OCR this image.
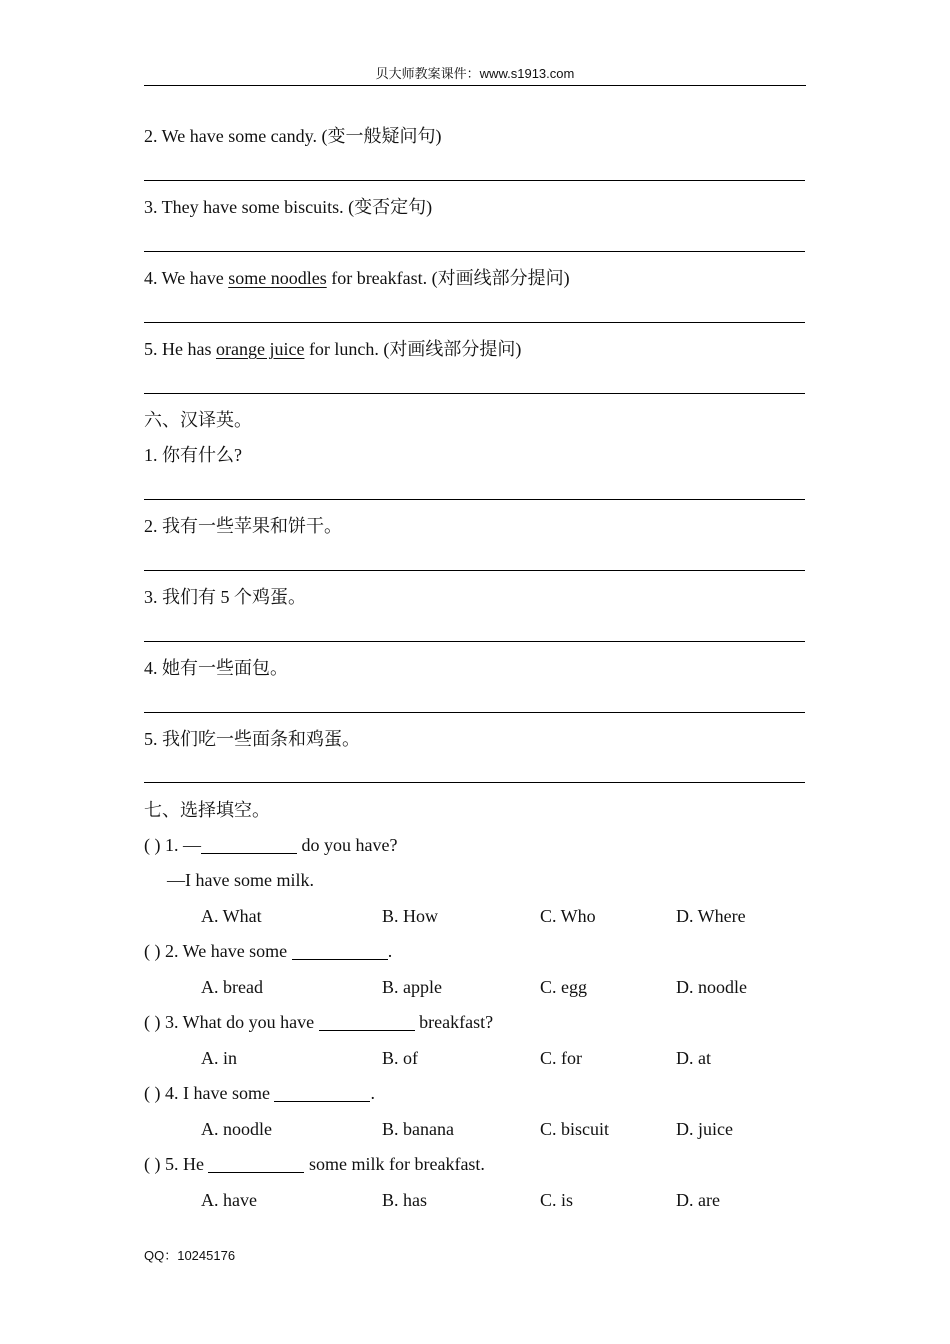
贝大师教案课件：www.s1913.com
2. We have some candy. (变一般疑问句)
3. They have some biscuits. (变否定句)
4. We have some noodles for breakfast. (对画线部分提问)
5. He has orange juice for lunch. (对画线部分提问)
六、汉译英。
1. 你有什么?
2. 我有一些苹果和饼干。
3. 我们有 5 个鸡蛋。
4. 她有一些面包。
5. 我们吃一些面条和鸡蛋。
七、选择填空。
( ) 1. —	do you have?
—I have some milk.
A. What	B. How	C. Who	D. Where
( ) 2. We have some	.
A. bread	B. apple	C. egg	D. noodle
( ) 3. What do you have	breakfast?
A. in	B. of	C. for	D. at
( ) 4. I have some	.
A. noodle	B. banana	C. biscuit	D. juice
( ) 5. He	some milk for breakfast.
A. have	B. has	C. is	D. are
QQ：10245176
